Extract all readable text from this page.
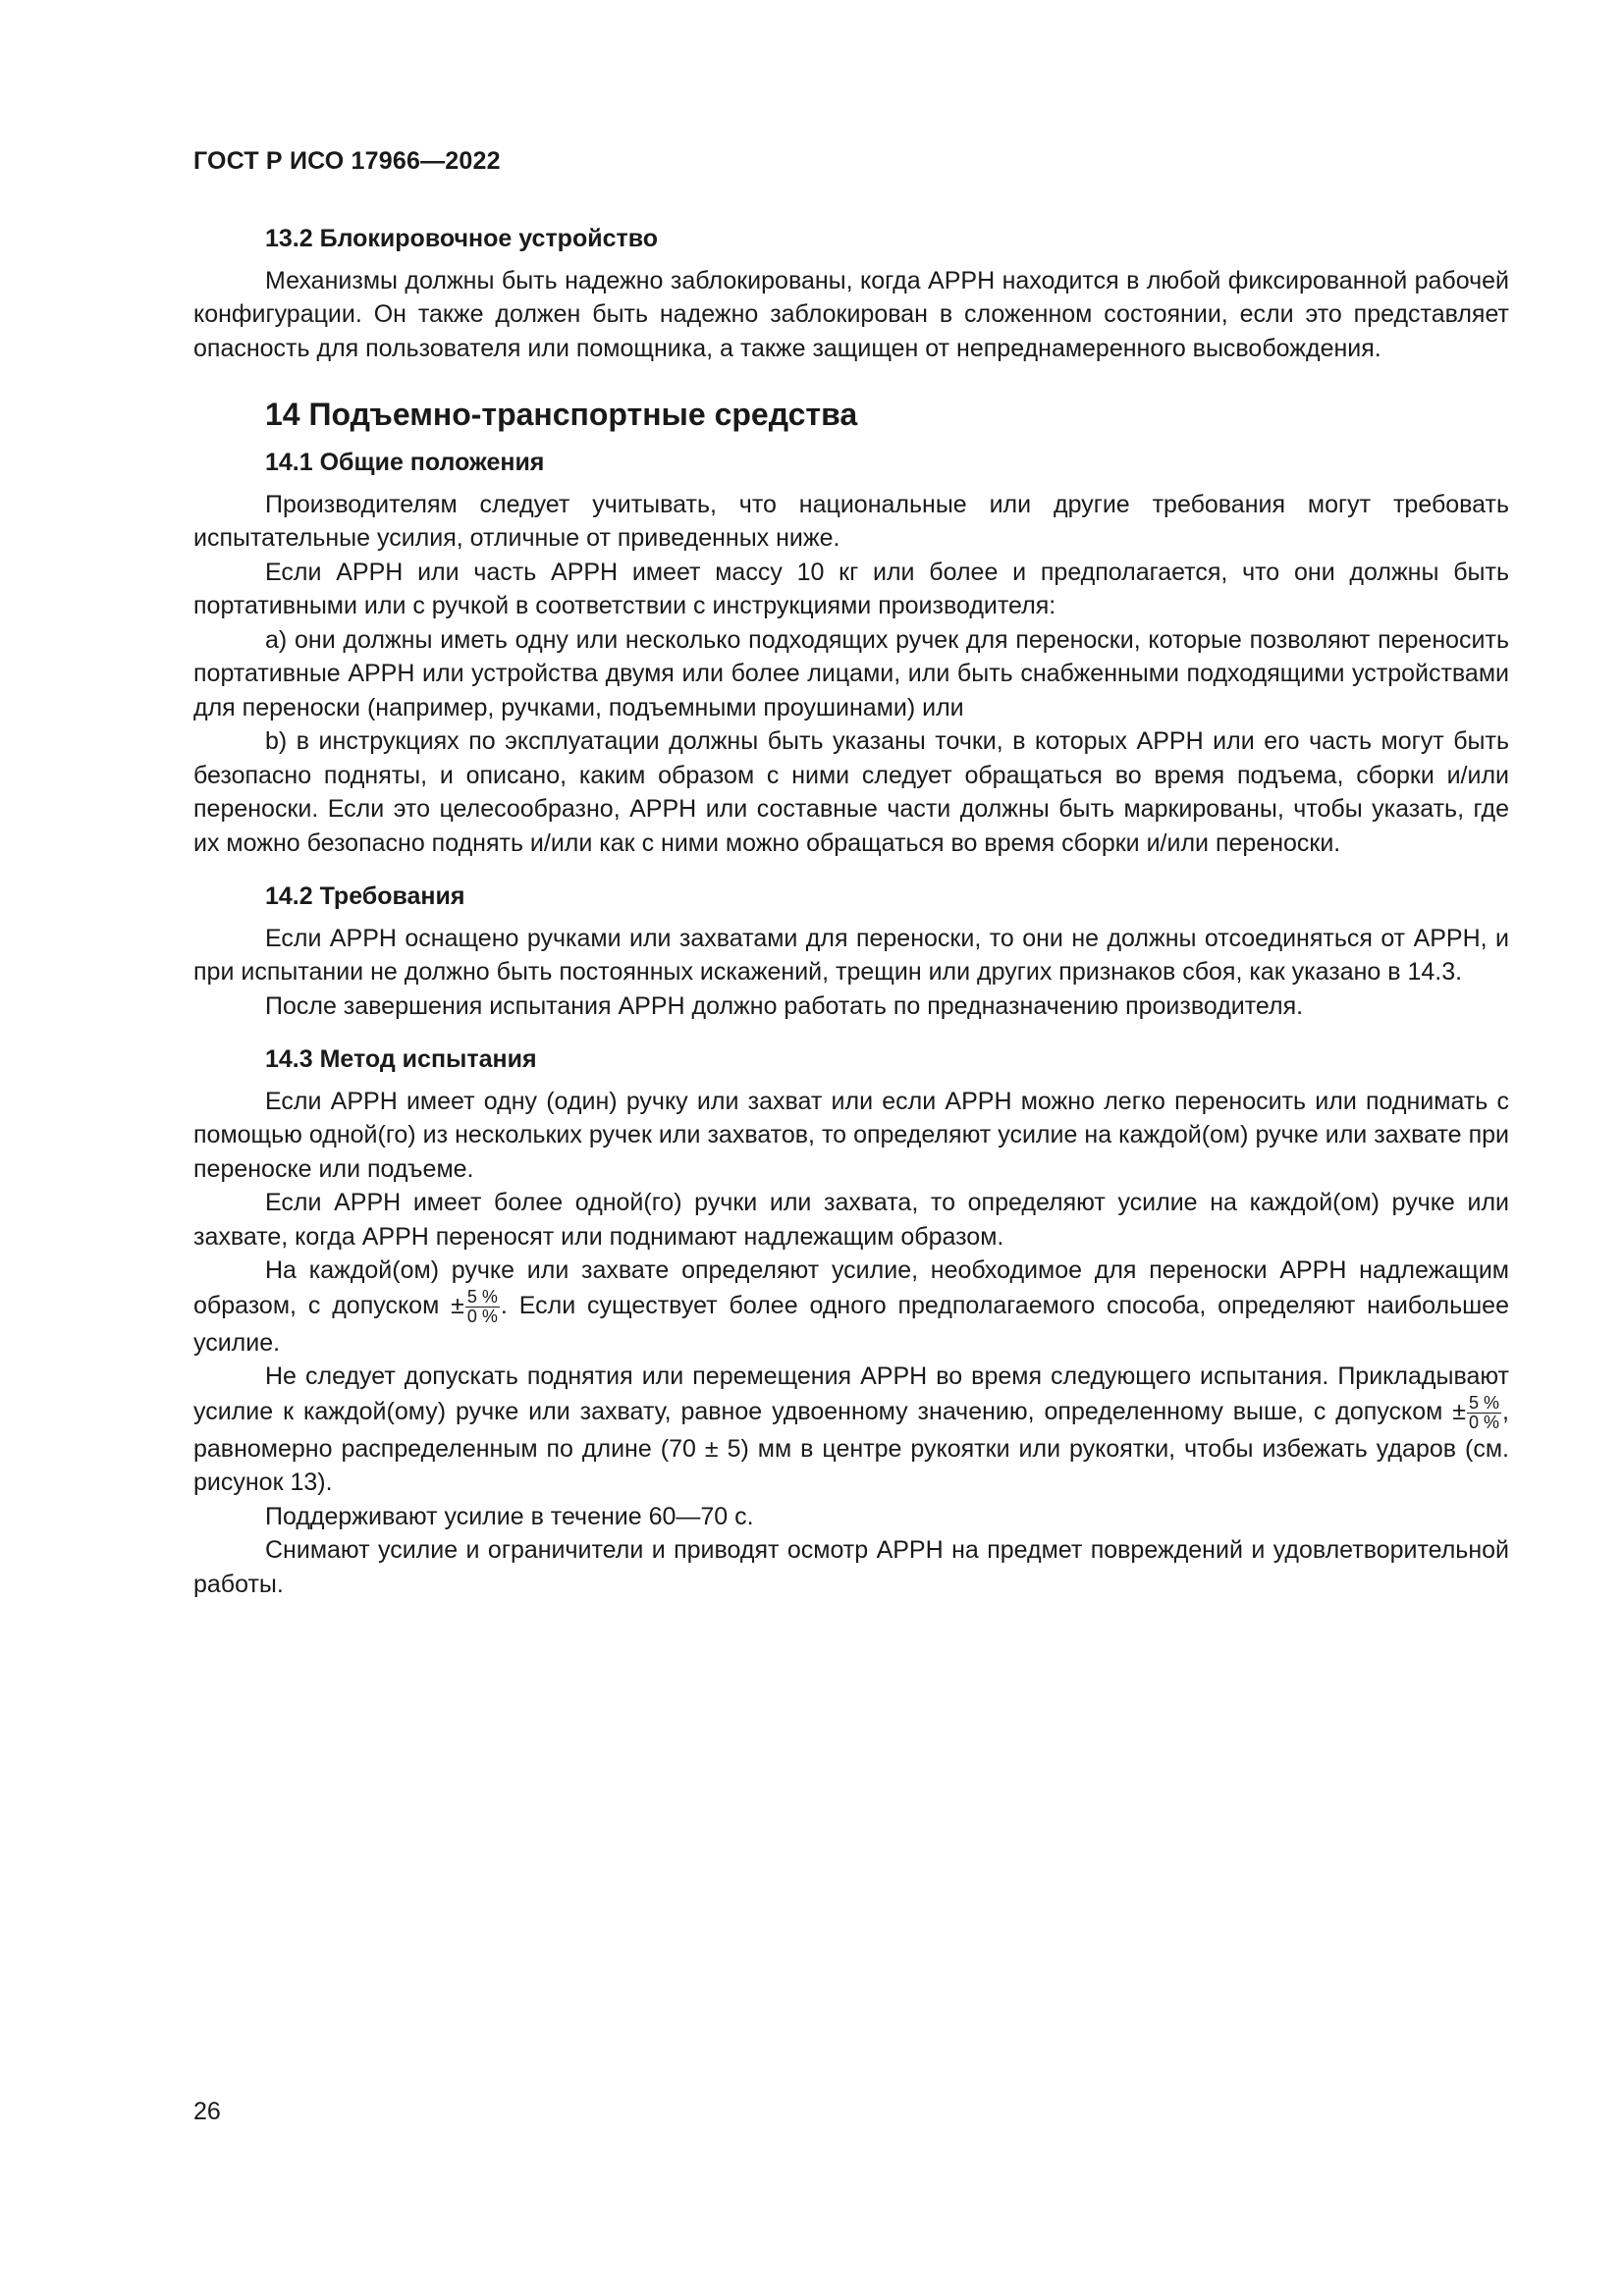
ГОСТ Р ИСО 17966—2022
13.2 Блокировочное устройство

Механизмы должны быть надежно заблокированы, когда АРРН находится в любой фиксированной рабочей конфигурации. Он также должен быть надежно заблокирован в сложенном состоянии, если это представляет опасность для пользователя или помощника, а также защищен от непреднамеренного высвобождения.

14 Подъемно-транспортные средства
14.1 Общие положения

Производителям следует учитывать, что национальные или другие требования могут требовать испытательные усилия, отличные от приведенных ниже.

Если АРРН или часть АРРН имеет массу 10 кг или более и предполагается, что они должны быть портативными или с ручкой в соответствии с инструкциями производителя:

a) они должны иметь одну или несколько подходящих ручек для переноски, которые позволяют переносить портативные АРРН или устройства двумя или более лицами, или быть снабженными подходящими устройствами для переноски (например, ручками, подъемными проушинами) или

b) в инструкциях по эксплуатации должны быть указаны точки, в которых АРРН или его часть могут быть безопасно подняты, и описано, каким образом с ними следует обращаться во время подъема, сборки и/или переноски. Если это целесообразно, АРРН или составные части должны быть маркированы, чтобы указать, где их можно безопасно поднять и/или как с ними можно обращаться во время сборки и/или переноски.

14.2 Требования

Если АРРН оснащено ручками или захватами для переноски, то они не должны отсоединяться от АРРН, и при испытании не должно быть постоянных искажений, трещин или других признаков сбоя, как указано в 14.3.

После завершения испытания АРРН должно работать по предназначению производителя.

14.3 Метод испытания

Если АРРН имеет одну (один) ручку или захват или если АРРН можно легко переносить или поднимать с помощью одной(го) из нескольких ручек или захватов, то определяют усилие на каждой(ом) ручке или захвате при переноске или подъеме.

Если АРРН имеет более одной(го) ручки или захвата, то определяют усилие на каждой(ом) ручке или захвате, когда АРРН переносят или поднимают надлежащим образом.

На каждой(ом) ручке или захвате определяют усилие, необходимое для переноски АРРН надлежащим образом, с допуском ± $\frac{5 \%}{0 \%}$ . Если существует более одного предполагаемого способа, определяют наибольшее усилие.

Не следует допускать поднятия или перемещения АРРН во время следующего испытания. Прикладывают усилие к каждой(ому) ручке или захвату, равное удвоенному значению, определенному выше, с допуском ± $\frac{5 \%}{0 \%}$ , равномерно распределенным по длине (70 ± 5) мм в центре рукоятки или рукоятки, чтобы избежать ударов (см. рисунок 13).

Поддерживают усилие в течение 60—70 с.

Снимают усилие и ограничители и приводят осмотр АРРН на предмет повреждений и удовлетворительной работы.

26
